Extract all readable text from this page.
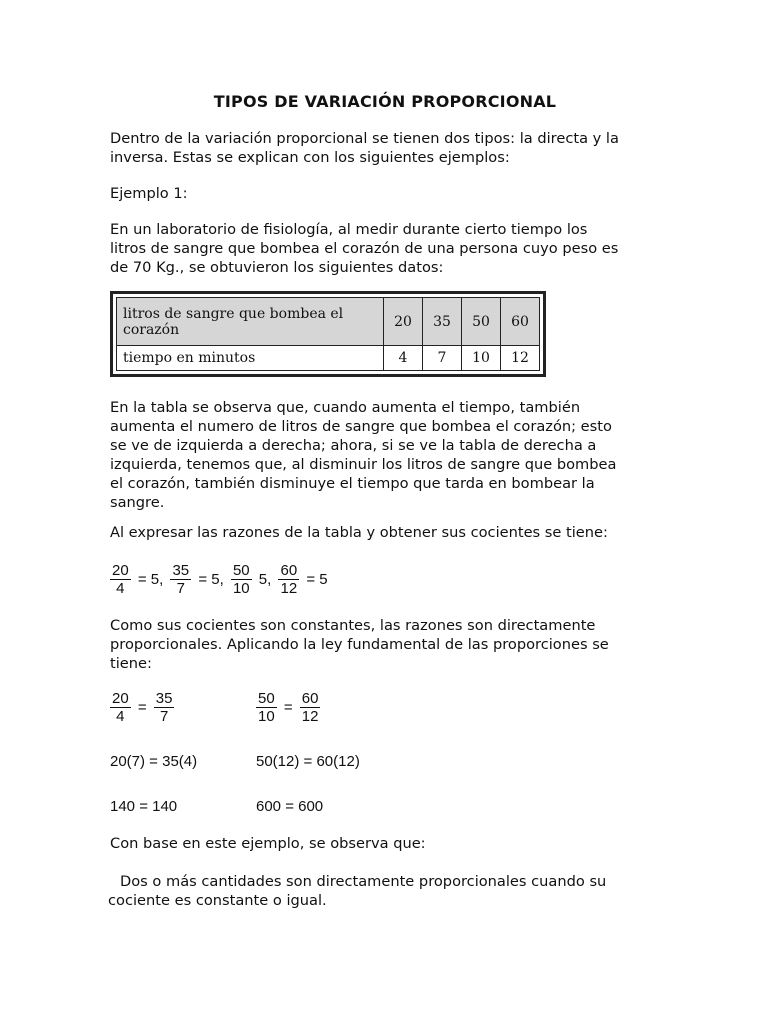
TIPOS DE VARIACIÓN PROPORCIONAL

Dentro de la variación proporcional se tienen dos tipos: la directa y la
inversa. Estas se explican con los siguientes ejemplos:

Ejemplo 1:

En un laboratorio de fisiología, al medir durante cierto tiempo los
litros de sangre que bombea el corazón de una persona cuyo peso es
de 70 Kg., se obtuvieron los siguientes datos:

litros de sangre que bombea el corazón	20	35	50	60
tiempo en minutos	4	7	10	12

En la tabla se observa que, cuando aumenta el tiempo, también
aumenta el numero de litros de sangre que bombea el corazón; esto
se ve de izquierda a derecha; ahora, si se ve la tabla de derecha a
izquierda, tenemos que, al disminuir los litros de sangre que bombea
el corazón, también disminuye el tiempo que tarda en bombear la
sangre.

Al expresar las razones de la tabla y obtener sus cocientes se tiene:

$\frac{20}{4} = 5$, $\frac{35}{7} = 5$, $\frac{50}{10} 5$, $\frac{60}{12} = 5$

Como sus cocientes son constantes, las razones son directamente
proporcionales. Aplicando la ley fundamental de las proporciones se
tiene:

$\frac{20}{4} = \frac{35}{7}$	$\frac{50}{10} = \frac{60}{12}$
20(7) = 35(4)	50(12) = 60(12)
140 = 140	600 = 600

Con base en este ejemplo, se observa que:

Dos o más cantidades son directamente proporcionales cuando su
cociente es constante o igual.
